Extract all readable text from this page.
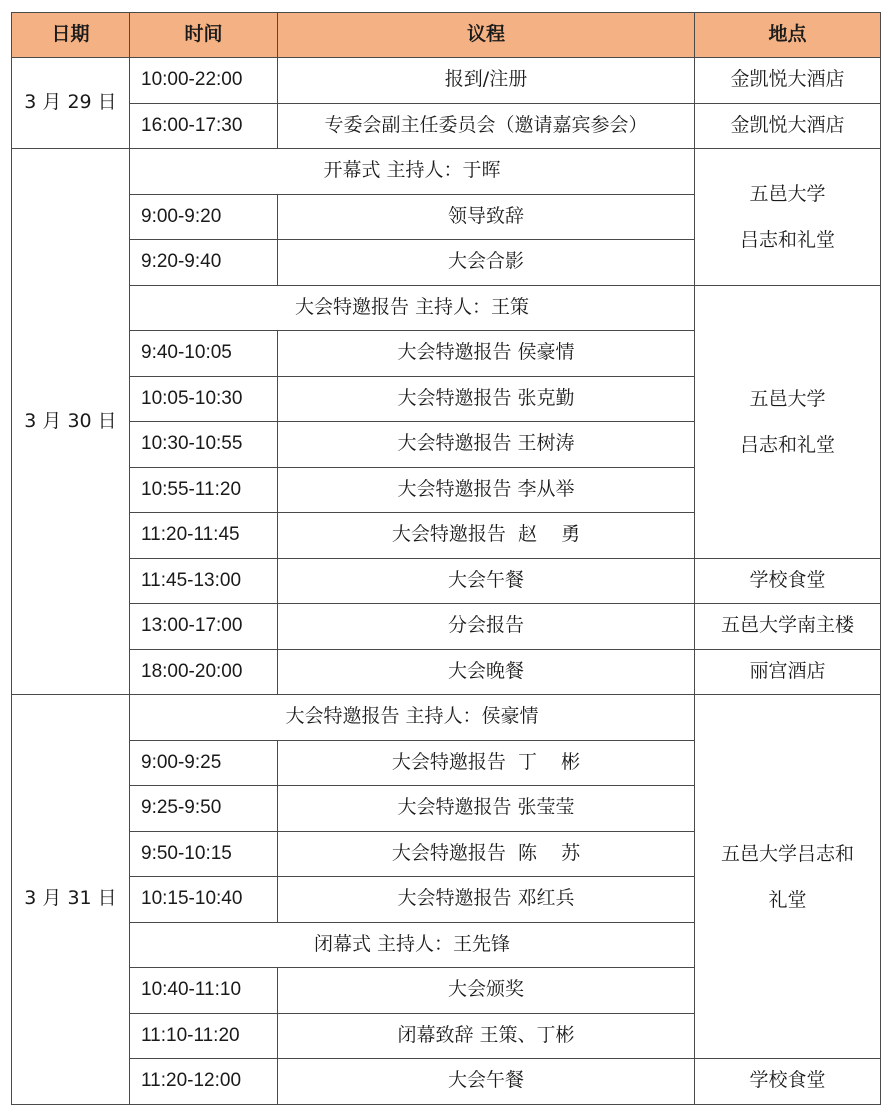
日期	时间	议程	地点
3 月 29 日	10:00-22:00	报到/注册	金凯悦大酒店
	16:00-17:30	专委会副主任委员会（邀请嘉宾参会）	金凯悦大酒店
3 月 30 日	开幕式 主持人：于晖		五邑大学
吕志和礼堂

	9:00-9:20	领导致辞	
	9:20-9:40	大会合影	
	大会特邀报告 主持人：王策		五邑大学
吕志和礼堂

	9:40-10:05	大会特邀报告 侯豪情	
	10:05-10:30	大会特邀报告 张克勤	
	10:30-10:55	大会特邀报告 王树涛	
	10:55-11:20	大会特邀报告 李从举	
	11:20-11:45	大会特邀报告  赵    勇	
	11:45-13:00	大会午餐	学校食堂
	13:00-17:00	分会报告	五邑大学南主楼
	18:00-20:00	大会晚餐	丽宫酒店
3 月 31 日	大会特邀报告 主持人：侯豪情		五邑大学吕志和
礼堂

	9:00-9:25	大会特邀报告  丁    彬	
	9:25-9:50	大会特邀报告 张莹莹	
	9:50-10:15	大会特邀报告  陈    苏	
	10:15-10:40	大会特邀报告 邓红兵	
	闭幕式 主持人：王先锋		
	10:40-11:10	大会颁奖	
	11:10-11:20	闭幕致辞 王策、丁彬	
	11:20-12:00	大会午餐	学校食堂
